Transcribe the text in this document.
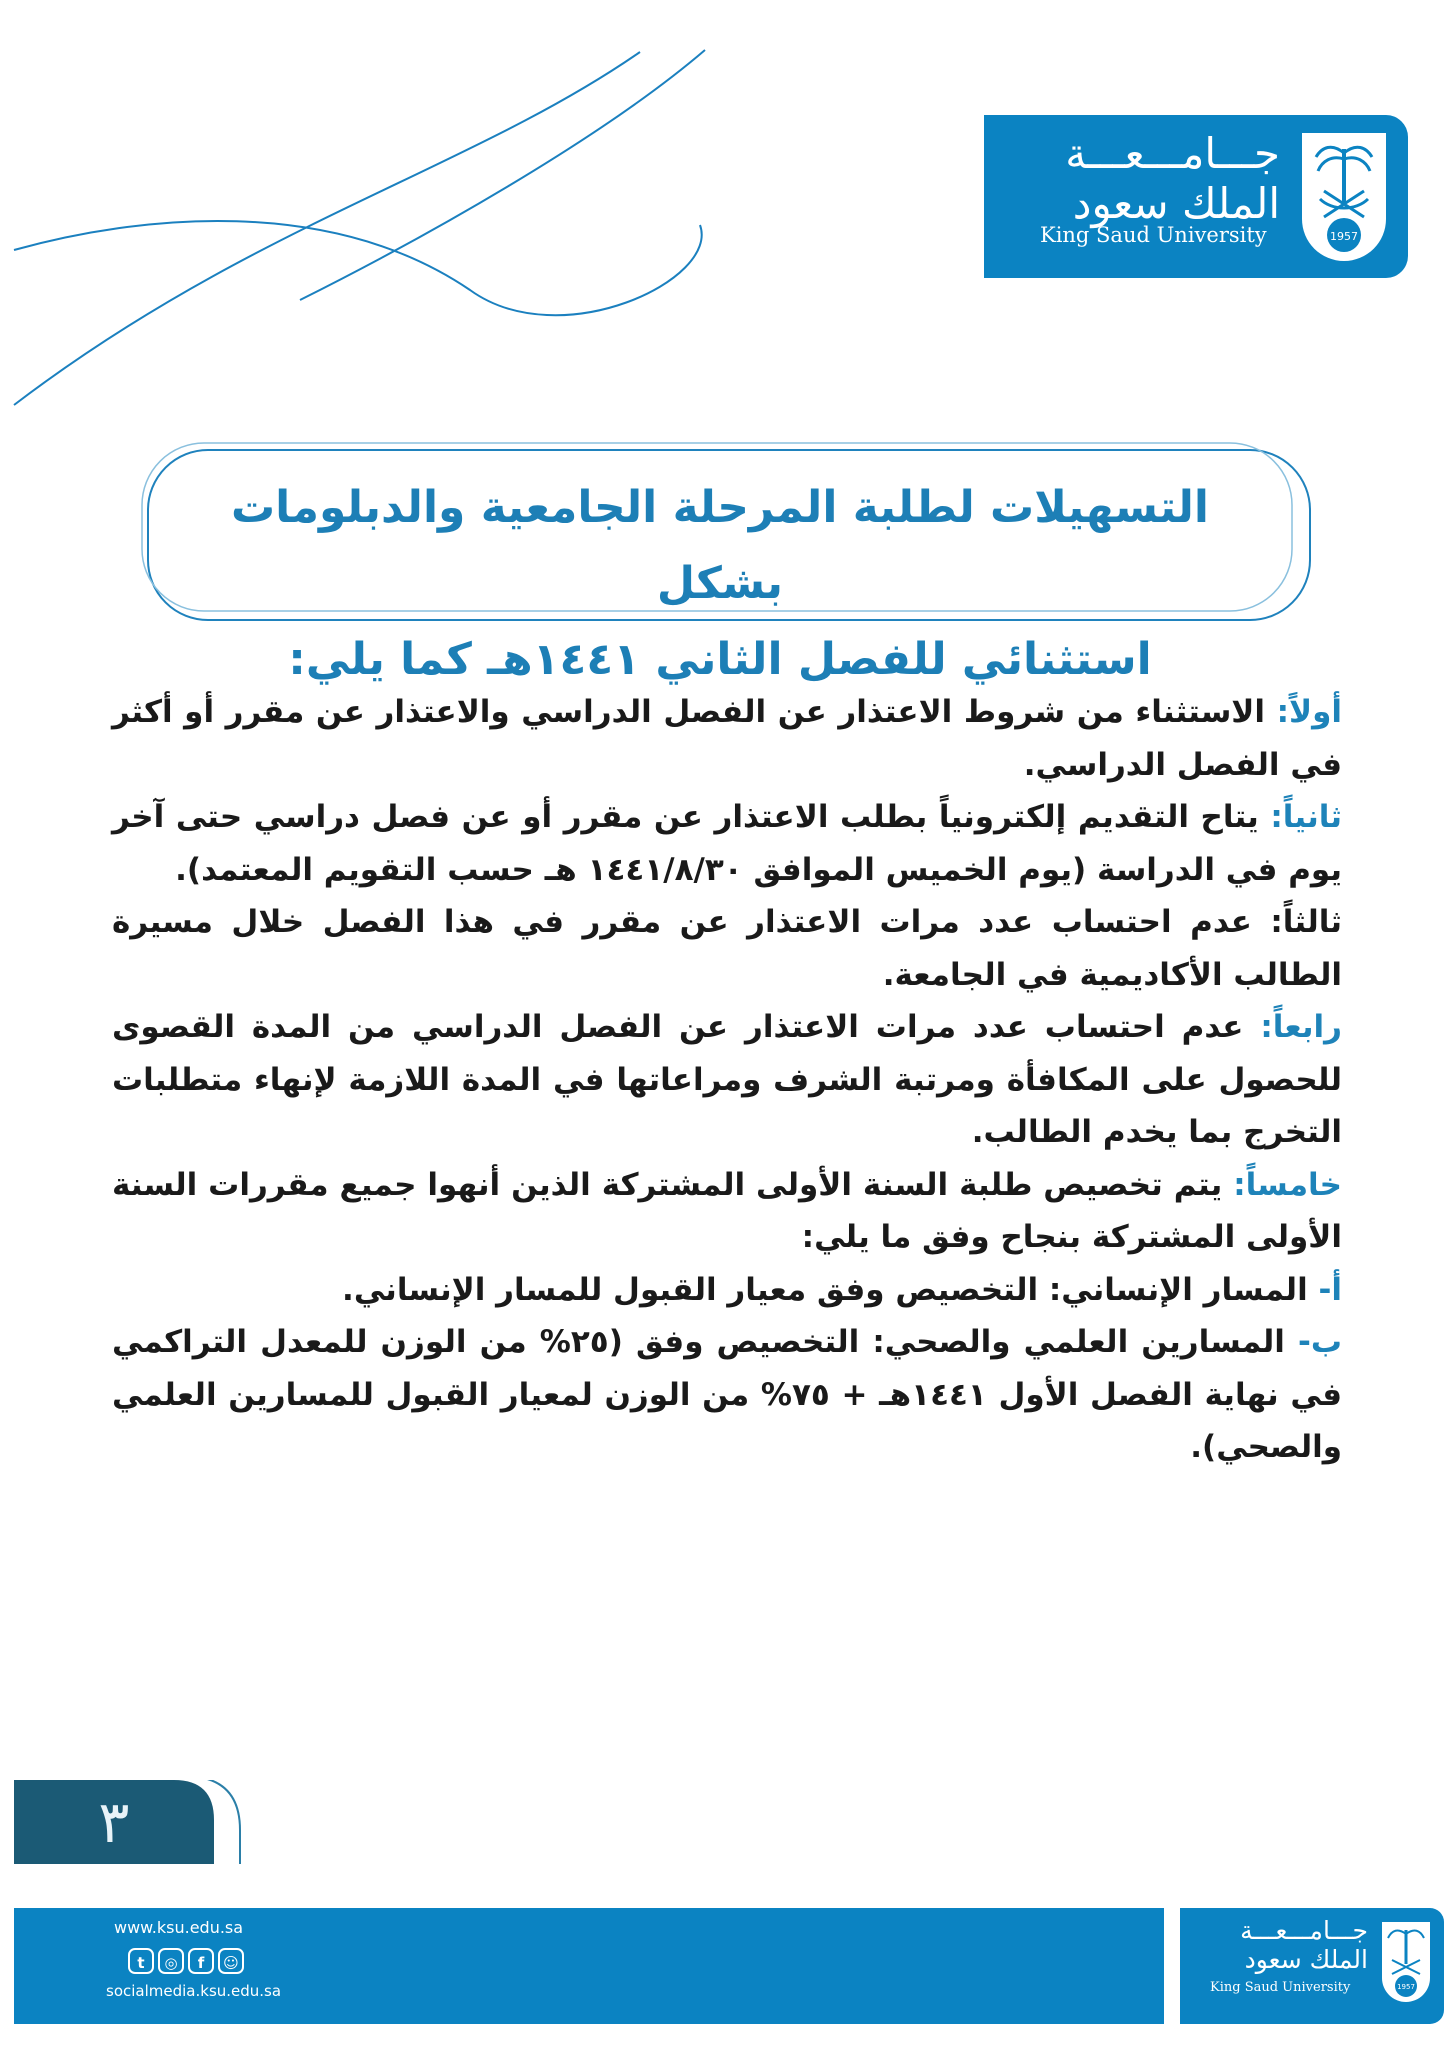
جـــامـــعـــة
الملك سعود
King Saud University	1957
التسهيلات لطلبة المرحلة الجامعية والدبلومات بشكل
استثنائي للفصل الثاني ١٤٤١هـ كما يلي:

أولاً: الاستثناء من شروط الاعتذار عن الفصل الدراسي والاعتذار عن مقرر أو أكثر في الفصل الدراسي.

ثانياً: يتاح التقديم إلكترونياً بطلب الاعتذار عن مقرر أو عن فصل دراسي حتى آخر يوم في الدراسة (يوم الخميس الموافق ١٤٤١/٨/٣٠ هـ حسب التقويم المعتمد).

ثالثاً: عدم احتساب عدد مرات الاعتذار عن مقرر في هذا الفصل خلال مسيرة الطالب الأكاديمية في الجامعة.

رابعاً: عدم احتساب عدد مرات الاعتذار عن الفصل الدراسي من المدة القصوى للحصول على المكافأة ومرتبة الشرف ومراعاتها في المدة اللازمة لإنهاء متطلبات التخرج بما يخدم الطالب.

خامساً: يتم تخصيص طلبة السنة الأولى المشتركة الذين أنهوا جميع مقررات السنة الأولى المشتركة بنجاح وفق ما يلي:

أ- المسار الإنساني: التخصيص وفق معيار القبول للمسار الإنساني.

ب- المسارين العلمي والصحي: التخصيص وفق (٢٥% من الوزن للمعدل التراكمي في نهاية الفصل الأول ١٤٤١هـ + ٧٥% من الوزن لمعيار القبول للمسارين العلمي والصحي).

٣
www.ksu.edu.sa
t	◎	f	☺
socialmedia.ksu.edu.sa
جـــامـــعـــة
الملك سعود
King Saud University	1957
